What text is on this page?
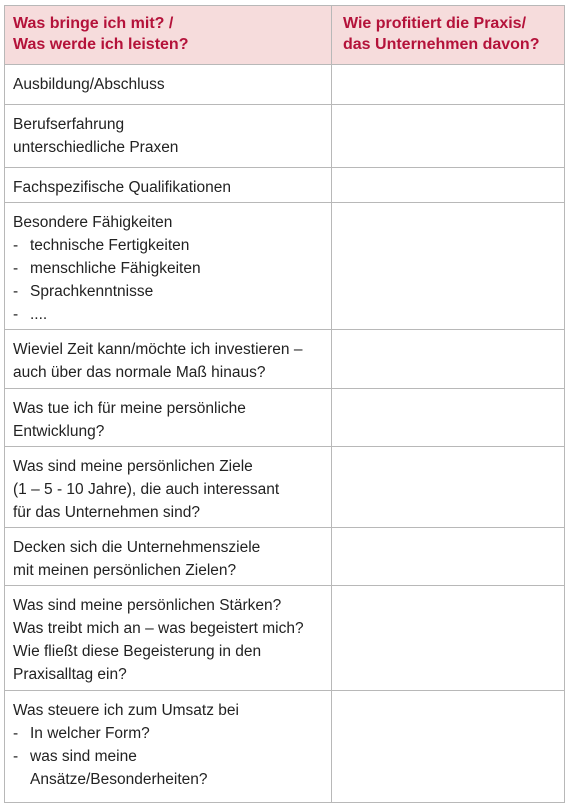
Was bringe ich mit? /
Was werde ich leisten?
Wie profitiert die Praxis/
das Unternehmen davon?
Ausbildung/Abschluss
Berufserfahrung
unterschiedliche Praxen
Fachspezifische Qualifikationen
Besondere Fähigkeiten
- technische Fertigkeiten
- menschliche Fähigkeiten
- Sprachkenntnisse
- ....
Wieviel Zeit kann/möchte ich investieren –
auch über das normale Maß hinaus?
Was tue ich für meine persönliche
Entwicklung?
Was sind meine persönlichen Ziele
(1 – 5 - 10 Jahre), die auch interessant
für das Unternehmen sind?
Decken sich die Unternehmensziele
mit meinen persönlichen Zielen?
Was sind meine persönlichen Stärken?
Was treibt mich an – was begeistert mich?
Wie fließt diese Begeisterung in den
Praxisalltag ein?
Was steuere ich zum Umsatz bei
- In welcher Form?
- was sind meine
Ansätze/Besonderheiten?
